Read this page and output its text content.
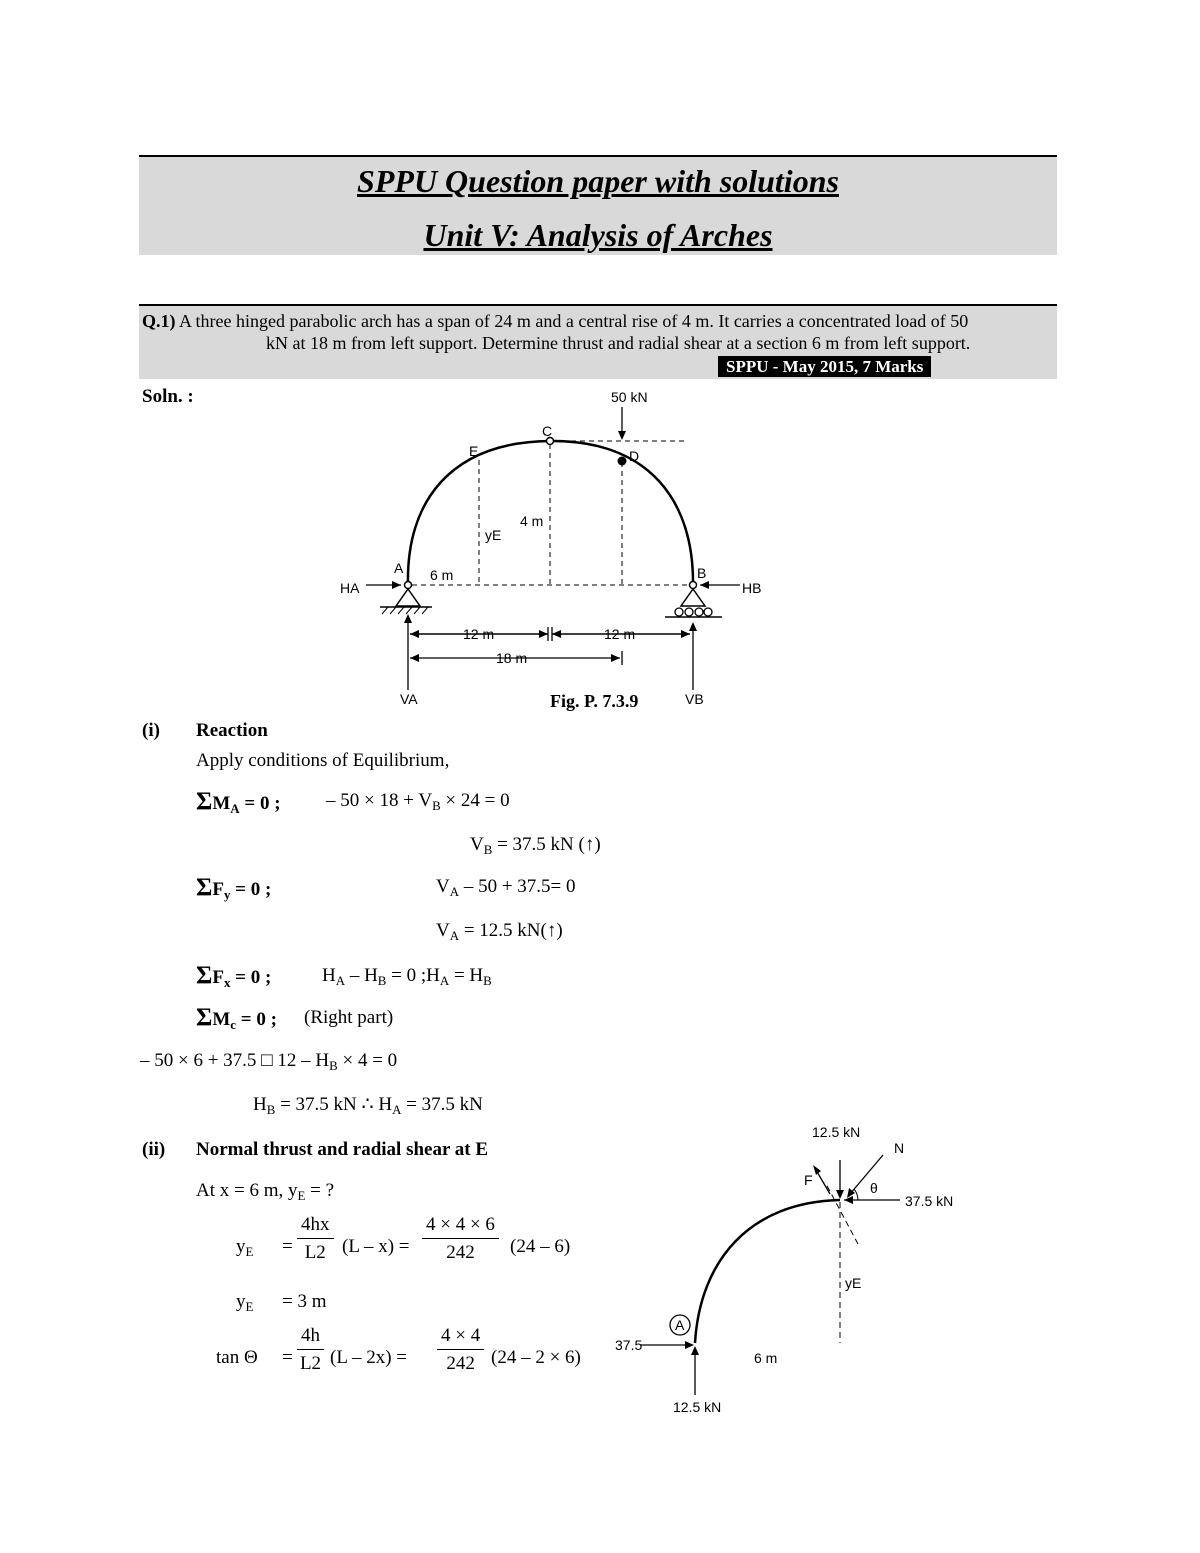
SPPU Question paper with solutions
Unit V: Analysis of Arches
Q.1) A three hinged parabolic arch has a span of 24 m and a central rise of 4 m. It carries a concentrated load of 50
kN at 18 m from left support. Determine thrust and radial shear at a section 6 m from left support.
SPPU - May 2015, 7 Marks
Soln. :	50 kN
C
E	D
4 m
yE
A 6 m	B
HA	HB
12 m	12 m
18 m
VA	VB
Fig. P. 7.3.9
(i) Reaction
Apply conditions of Equilibrium,
$\Sigma M_A = 0$ ; – $50 \times 18 + V_B \times 24 = 0$
$V_B = 37.5$ kN (↑)
$\Sigma F_y = 0$ ;	$V_A - 50 + 37.5= 0$
$V_A = 12.5$ kN(↑)
$\Sigma F_x = 0$ ;	$H_A - H_B = 0$ $;H_A = H_B$
$\Sigma M_c = 0$ ; (Right part)
– 50 × 6 + 37.5 □ $12 - H_B \times 4 = 0$
$H_B = 37.5$ kN ∴ $H_A = 37.5$ kN
(ii) Normal thrust and radial shear at E
At x = 6 m, $y_E$ = ?
$y_E = \frac{4hx}{L2} (L - x) = \frac{4 \times 4 \times 6}{242} (24 - 6)$
$y_E = 3$ m
$\tan \Theta = \frac{4h}{L2} (L - 2x) = \frac{4 \times 4}{242} (24 - 2 \times 6)$
12.5 kN
N
F	θ
37.5 kN
yE
A
37.5
6 m
12.5 kN
